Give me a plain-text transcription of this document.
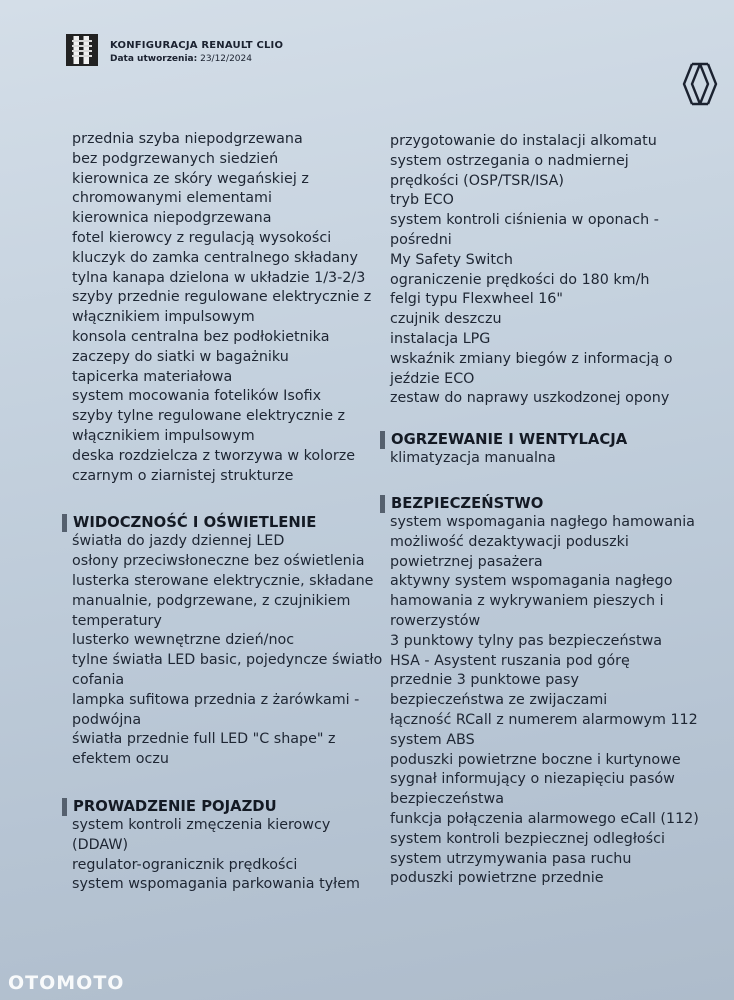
KONFIGURACJA RENAULT CLIO
Data utworzenia: 23/12/2024
przednia szyba niepodgrzewana
bez podgrzewanych siedzień
kierownica ze skóry wegańskiej z
chromowanymi elementami
kierownica niepodgrzewana
fotel kierowcy z regulacją wysokości
kluczyk do zamka centralnego składany
tylna kanapa dzielona w układzie 1/3-2/3
szyby przednie regulowane elektrycznie z
włącznikiem impulsowym
konsola centralna bez podłokietnika
zaczepy do siatki w bagażniku
tapicerka materiałowa
system mocowania fotelików Isofix
szyby tylne regulowane elektrycznie z
włącznikiem impulsowym
deska rozdzielcza z tworzywa w kolorze
czarnym o ziarnistej strukturze
WIDOCZNOŚĆ I OŚWIETLENIE
światła do jazdy dziennej LED
osłony przeciwsłoneczne bez oświetlenia
lusterka sterowane elektrycznie, składane
manualnie, podgrzewane, z czujnikiem
temperatury
lusterko wewnętrzne dzień/noc
tylne światła LED basic, pojedyncze światło
cofania
lampka sufitowa przednia z żarówkami -
podwójna
światła przednie full LED "C shape" z
efektem oczu
PROWADZENIE POJAZDU
system kontroli zmęczenia kierowcy
(DDAW)
regulator-ogranicznik prędkości
system wspomagania parkowania tyłem
przygotowanie do instalacji alkomatu
system ostrzegania o nadmiernej
prędkości (OSP/TSR/ISA)
tryb ECO
system kontroli ciśnienia w oponach -
pośredni
My Safety Switch
ograniczenie prędkości do 180 km/h
felgi typu Flexwheel 16"
czujnik deszczu
instalacja LPG
wskaźnik zmiany biegów z informacją o
jeździe ECO
zestaw do naprawy uszkodzonej opony
OGRZEWANIE I WENTYLACJA
klimatyzacja manualna
BEZPIECZEŃSTWO
system wspomagania nagłego hamowania
możliwość dezaktywacji poduszki
powietrznej pasażera
aktywny system wspomagania nagłego
hamowania z wykrywaniem pieszych i
rowerzystów
3 punktowy tylny pas bezpieczeństwa
HSA - Asystent ruszania pod górę
przednie 3 punktowe pasy
bezpieczeństwa ze zwijaczami
łączność RCall z numerem alarmowym 112
system ABS
poduszki powietrzne boczne i kurtynowe
sygnał informujący o niezapięciu pasów
bezpieczeństwa
funkcja połączenia alarmowego eCall (112)
system kontroli bezpiecznej odległości
system utrzymywania pasa ruchu
poduszki powietrzne przednie
OTOMOTO
